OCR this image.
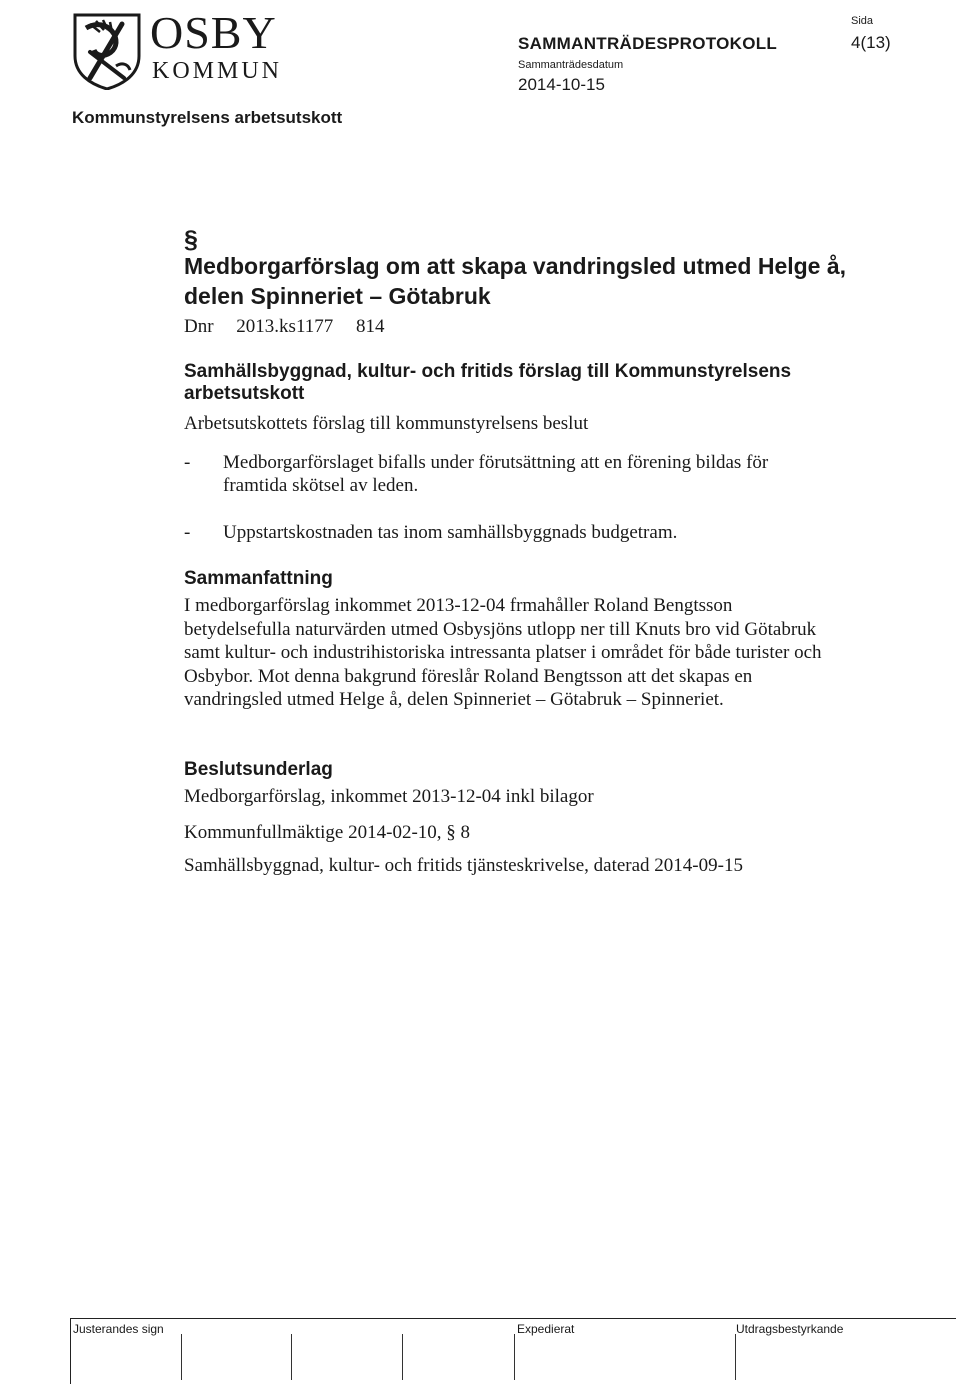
OSBY
KOMMUN
SAMMANTRÄDESPROTOKOLL
Sammanträdesdatum
2014-10-15
Sida
4(13)
Kommunstyrelsens arbetsutskott
§
Medborgarförslag om att skapa vandringsled utmed Helge å, delen Spinneriet – Götabruk
Dnr 2013.ks1177 814
Samhällsbyggnad, kultur- och fritids förslag till Kommunstyrelsens arbetsutskott
Arbetsutskottets förslag till kommunstyrelsens beslut
- Medborgarförslaget bifalls under förutsättning att en förening bildas för framtida skötsel av leden.
- Uppstartskostnaden tas inom samhällsbyggnads budgetram.
Sammanfattning
I medborgarförslag inkommet 2013-12-04 frmahåller Roland Bengtsson betydelsefulla naturvärden utmed Osbysjöns utlopp ner till Knuts bro vid Götabruk samt kultur- och industrihistoriska intressanta platser i området för både turister och Osbybor. Mot denna bakgrund föreslår Roland Bengtsson att det skapas en vandringsled utmed Helge å, delen Spinneriet – Götabruk – Spinneriet.
Beslutsunderlag
Medborgarförslag, inkommet 2013-12-04 inkl bilagor
Kommunfullmäktige 2014-02-10, § 8
Samhällsbyggnad, kultur- och fritids tjänsteskrivelse, daterad 2014-09-15
Justerandes sign	Expedierat	Utdragsbestyrkande
